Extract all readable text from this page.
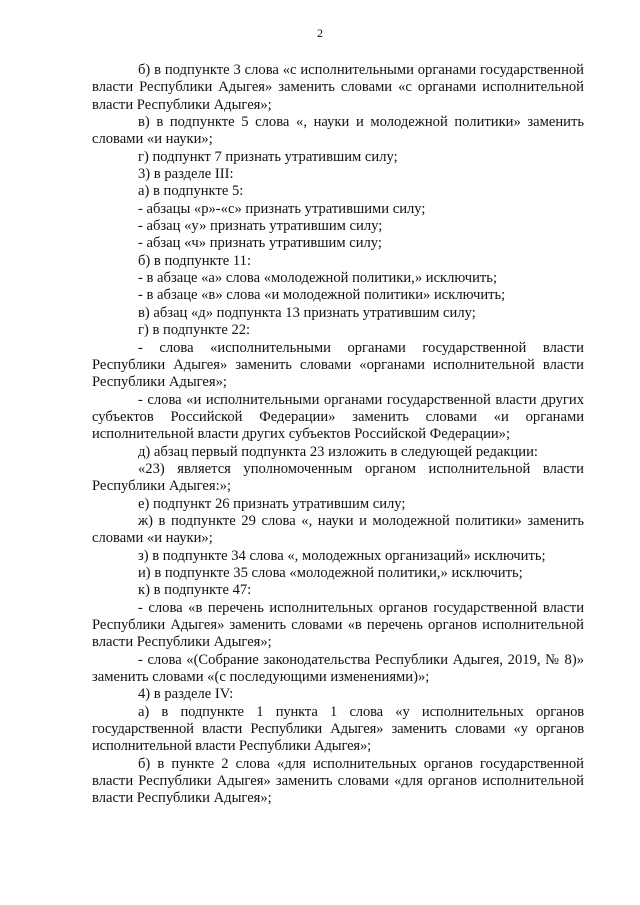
2

б) в подпункте 3 слова «с исполнительными органами государственной власти Республики Адыгея» заменить словами «с органами исполнительной власти Республики Адыгея»;

в) в подпункте 5 слова «, науки и молодежной политики» заменить словами «и науки»;

г) подпункт 7 признать утратившим силу;

3) в разделе III:

а) в подпункте 5:

- абзацы «р»-«с» признать утратившими силу;

- абзац «у» признать утратившим силу;

- абзац «ч» признать утратившим силу;

б) в подпункте 11:

- в абзаце «а» слова «молодежной политики,» исключить;

- в абзаце «в» слова «и молодежной политики» исключить;

в) абзац «д» подпункта 13 признать утратившим силу;

г) в подпункте 22:

- слова «исполнительными органами государственной власти Республики Адыгея» заменить словами «органами исполнительной власти Республики Адыгея»;

- слова «и исполнительными органами государственной власти других субъектов Российской Федерации» заменить словами «и органами исполнительной власти других субъектов Российской Федерации»;

д) абзац первый подпункта 23 изложить в следующей редакции:

«23) является уполномоченным органом исполнительной власти Республики Адыгея:»;

е) подпункт 26 признать утратившим силу;

ж) в подпункте 29 слова «, науки и молодежной политики» заменить словами «и науки»;

з) в подпункте 34 слова «, молодежных организаций» исключить;

и) в подпункте 35 слова «молодежной политики,» исключить;

к) в подпункте 47:

- слова «в перечень исполнительных органов государственной власти Республики Адыгея» заменить словами «в перечень органов исполнительной власти Республики Адыгея»;

- слова «(Собрание законодательства Республики Адыгея, 2019, № 8)» заменить словами «(с последующими изменениями)»;

4) в разделе IV:

а) в подпункте 1 пункта 1 слова «у исполнительных органов государственной власти Республики Адыгея» заменить словами «у органов исполнительной власти Республики Адыгея»;

б) в пункте 2 слова «для исполнительных органов государственной власти Республики Адыгея» заменить словами «для органов исполнительной власти Республики Адыгея»;
